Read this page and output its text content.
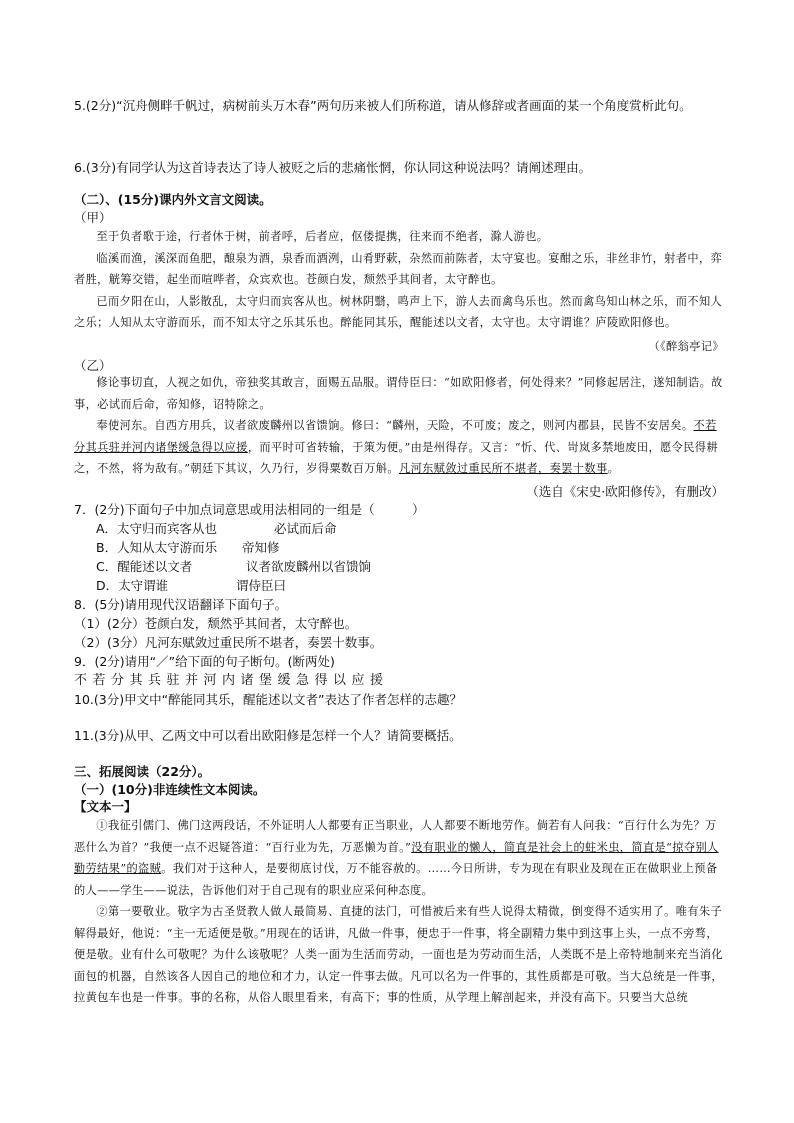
5.(2分)“沉舟侧畔千帆过，病树前头万木春”两句历来被人们所称道，请从修辞或者画面的某一个角度赏析此句。

6.(3分)有同学认为这首诗表达了诗人被贬之后的悲痛怅惘，你认同这种说法吗？请阐述理由。

（二）、(15分)课内外文言文阅读。

（甲）

至于负者歌于途，行者休于树，前者呼，后者应，伛偻提携，往来而不绝者，滁人游也。

临溪而渔，溪深而鱼肥，酿泉为酒，泉香而酒洌，山肴野蔌，杂然而前陈者，太守宴也。宴酣之乐，非丝非竹，射者中，弈者胜，觥筹交错，起坐而喧哗者，众宾欢也。苍颜白发，颓然乎其间者，太守醉也。

已而夕阳在山，人影散乱，太守归而宾客从也。树林阴翳，鸣声上下，游人去而禽鸟乐也。然而禽鸟知山林之乐，而不知人之乐；人知从太守游而乐，而不知太守之乐其乐也。醉能同其乐，醒能述以文者，太守也。太守谓谁？庐陵欧阳修也。

（《醉翁亭记》

（乙）

修论事切直，人视之如仇，帝独奖其敢言，面赐五品服。谓侍臣曰：“如欧阳修者，何处得来？”同修起居注，遂知制诰。故事，必试而后命，帝知修，诏特除之。

奉使河东。自西方用兵，议者欲废麟州以省馈饷。修曰：“麟州，天险，不可废；废之，则河内郡县，民皆不安居矣。不若分其兵驻并河内诸堡缓急得以应援，而平时可省转输，于策为便。”由是州得存。又言：“忻、代、岢岚多禁地废田，愿令民得耕之，不然，将为敌有。”朝廷下其议，久乃行，岁得粟数百万斛。凡河东赋敛过重民所不堪者，奏罢十数事。

（选自《宋史·欧阳修传》，有删改）

7．(2分)下面句子中加点词意思或用法相同的一组是（　　　）

A．太守归而宾客从也	必试而后命

B．人知从太守游而乐 帝知修

C．醒能述以文者	议者欲废麟州以省馈饷

D．太守谓谁	谓侍臣曰

8．(5分)请用现代汉语翻译下面句子。

（1）(2分）苍颜白发，颓然乎其间者，太守醉也。

（2）(3分）凡河东赋敛过重民所不堪者，奏罢十数事。

9．(2分)请用“／”给下面的句子断句。(断两处)

不若分其兵驻并河内诸堡缓急得以应援

10.(3分)甲文中“醉能同其乐，醒能述以文者”表达了作者怎样的志趣？

11.(3分)从甲、乙两文中可以看出欧阳修是怎样一个人？请简要概括。

三、拓展阅读（22分）。

（一）(10分)非连续性文本阅读。

【文本一】

①我征引儒门、佛门这两段话，不外证明人人都要有正当职业，人人都要不断地劳作。倘若有人问我：“百行什么为先？万恶什么为首？”我便一点不迟疑答道：“百行业为先，万恶懒为首。”没有职业的懒人，简直是社会上的蛀米虫，简直是“掠夺别人勤劳结果”的盗贼。我们对于这种人，是要彻底讨伐，万不能容赦的。……今日所讲，专为现在有职业及现在正在做职业上预备的人——学生——说法，告诉他们对于自己现有的职业应采何种态度。

②第一要敬业。敬字为古圣贤教人做人最简易、直捷的法门，可惜被后来有些人说得太精微，倒变得不适实用了。唯有朱子解得最好，他说：“主一无适便是敬。”用现在的话讲，凡做一件事，便忠于一件事，将全副精力集中到这事上头，一点不旁骛，便是敬。业有什么可敬呢？为什么该敬呢？人类一面为生活而劳动，一面也是为劳动而生活，人类既不是上帝特地制来充当消化面包的机器，自然该各人因自己的地位和才力，认定一件事去做。凡可以名为一件事的，其性质都是可敬。当大总统是一件事，拉黄包车也是一件事。事的名称，从俗人眼里看来，有高下；事的性质，从学理上解剖起来，并没有高下。只要当大总统
